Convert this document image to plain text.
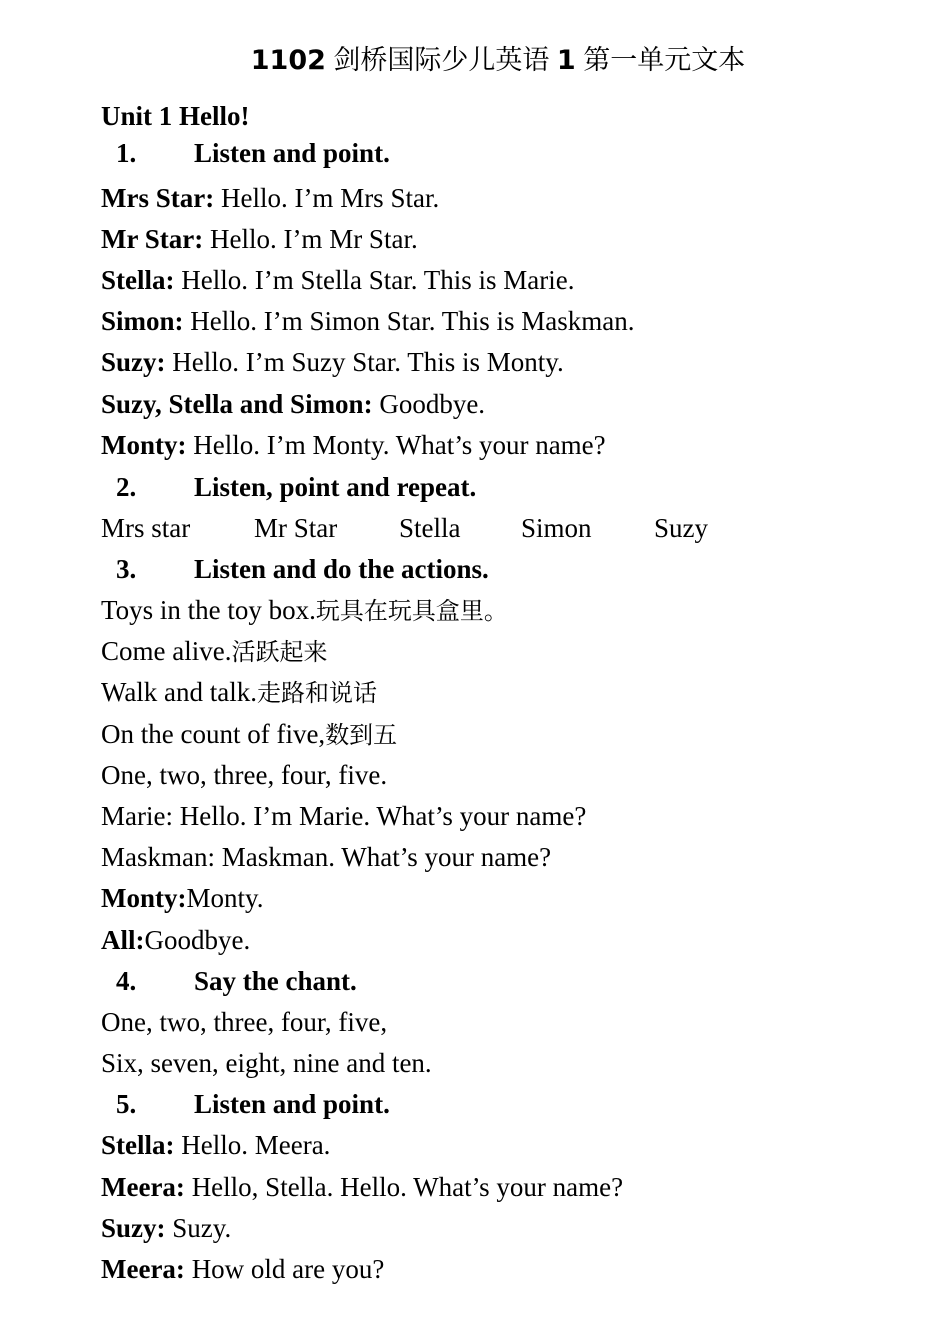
1102 剑桥国际少儿英语 1 第一单元文本
Unit 1 Hello!
1. Listen and point.
Mrs Star: Hello. I’m Mrs Star.
Mr Star: Hello. I’m Mr Star.
Stella: Hello. I’m Stella Star. This is Marie.
Simon: Hello. I’m Simon Star. This is Maskman.
Suzy: Hello. I’m Suzy Star. This is Monty.
Suzy, Stella and Simon: Goodbye.
Monty: Hello. I’m Monty. What’s your name?
2. Listen, point and repeat.
Mrs star Mr Star Stella Simon Suzy
3. Listen and do the actions.
Toys in the toy box.玩具在玩具盒里。
Come alive.活跃起来
Walk and talk.走路和说话
On the count of five,数到五
One, two, three, four, five.
Marie: Hello. I’m Marie. What’s your name?
Maskman: Maskman. What’s your name?
Monty:Monty.
All:Goodbye.
4. Say the chant.
One, two, three, four, five,
Six, seven, eight, nine and ten.
5. Listen and point.
Stella: Hello. Meera.
Meera: Hello, Stella. Hello. What’s your name?
Suzy: Suzy.
Meera: How old are you?
